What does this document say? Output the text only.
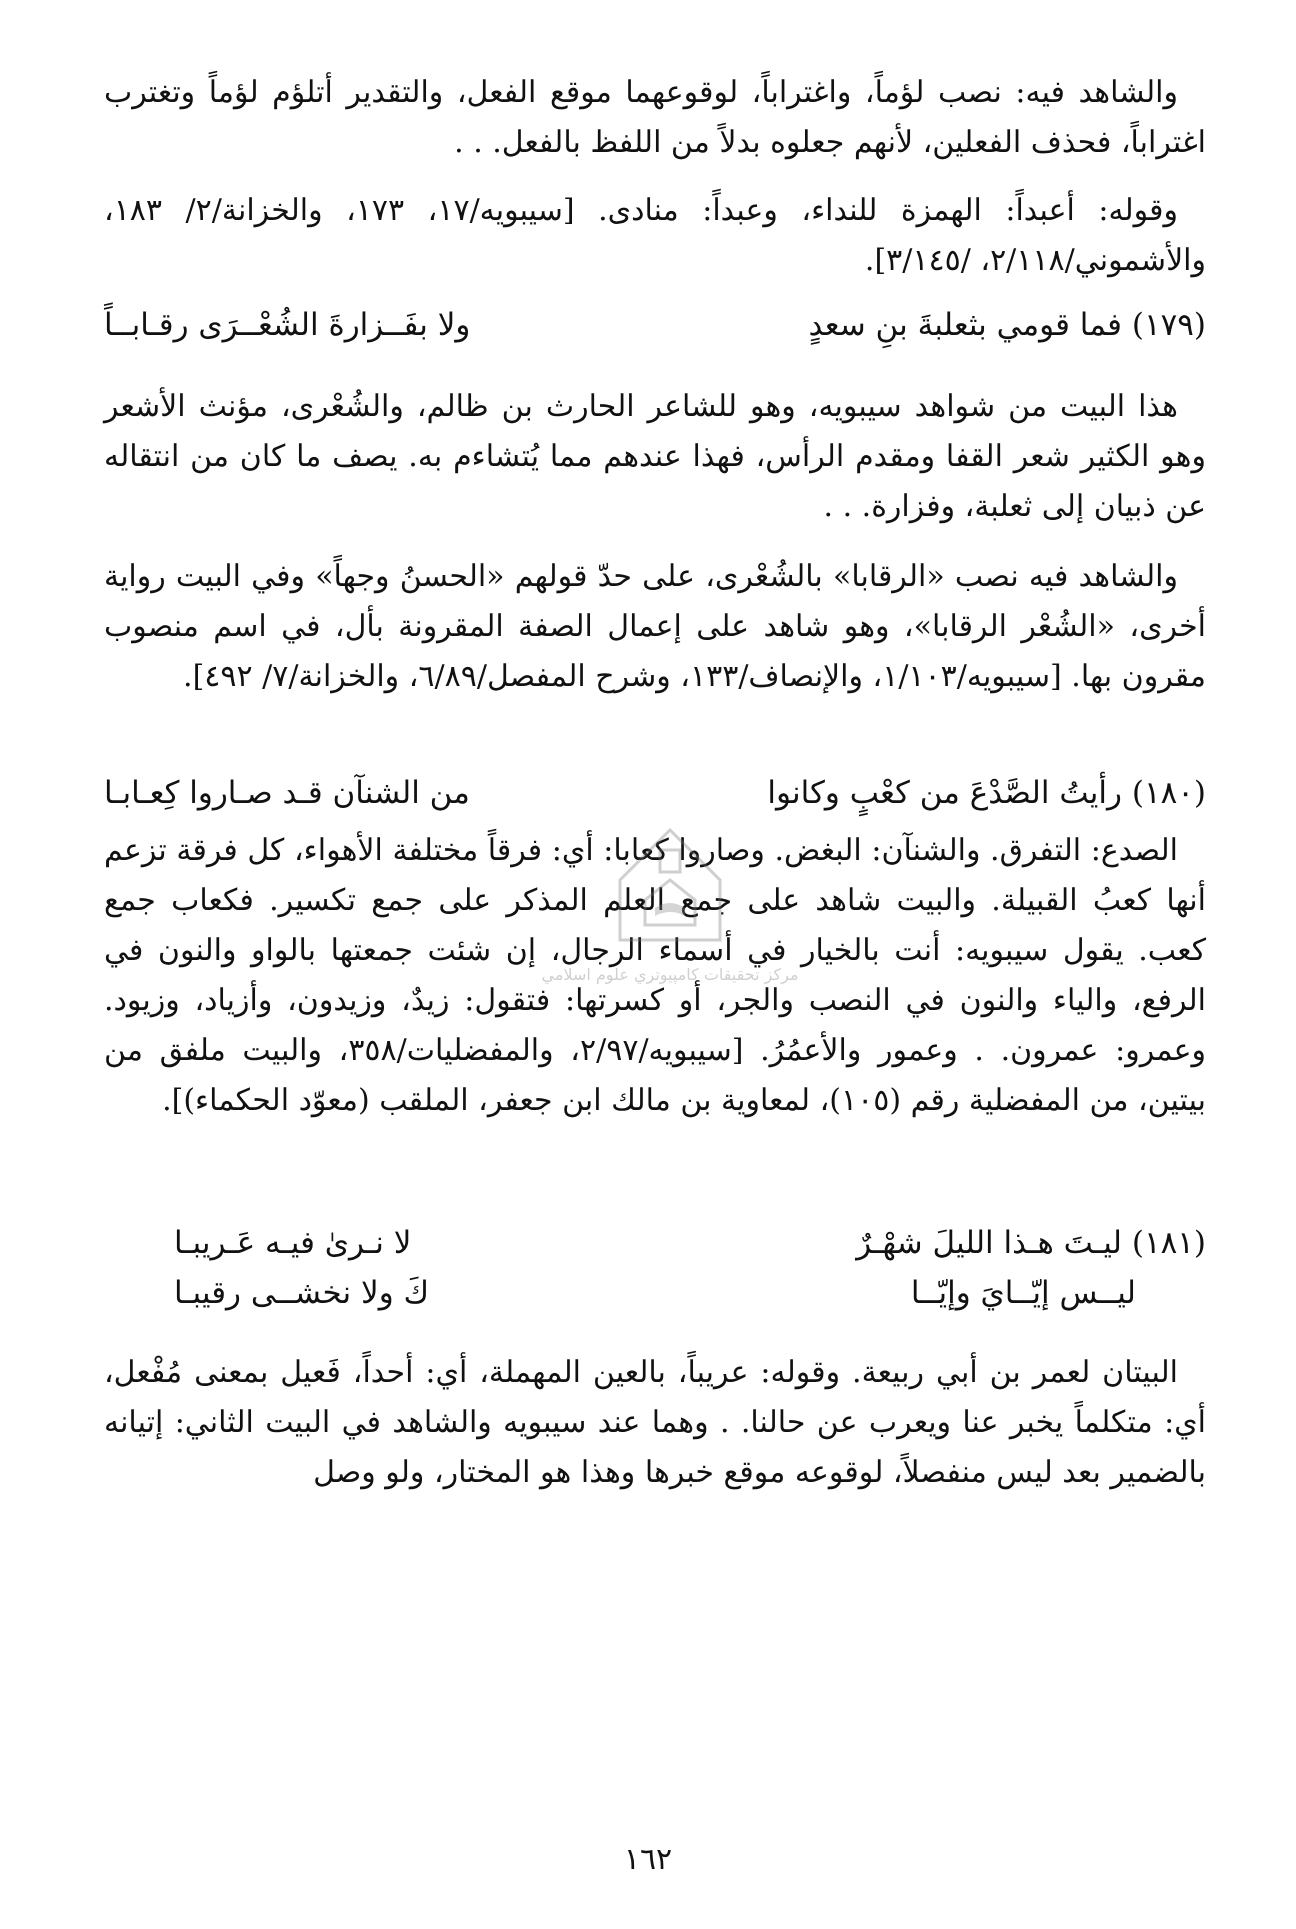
والشاهد فيه: نصب لؤماً، واغتراباً، لوقوعهما موقع الفعل، والتقدير أتلؤم لؤماً وتغترب اغتراباً، فحذف الفعلين، لأنهم جعلوه بدلاً من اللفظ بالفعل. . .

وقوله: أعبداً: الهمزة للنداء، وعبداً: منادى. [سيبويه/١٧، ١٧٣، والخزانة/٢/ ١٨٣، والأشموني/٢/١١٨، /٣/١٤٥].

(١٧٩) فما قومي بثعلبةَ بنِ سعدٍ
ولا بفَــزارةَ الشُعْــرَى رقـابــاً

هذا البيت من شواهد سيبويه، وهو للشاعر الحارث بن ظالم، والشُعْرى، مؤنث الأشعر وهو الكثير شعر القفا ومقدم الرأس، فهذا عندهم مما يُتشاءم به. يصف ما كان من انتقاله عن ذبيان إلى ثعلبة، وفزارة. . .

والشاهد فيه نصب «الرقابا» بالشُعْرى، على حدّ قولهم «الحسنُ وجهاً» وفي البيت رواية أخرى، «الشُعْر الرقابا»، وهو شاهد على إعمال الصفة المقرونة بأل، في اسم منصوب مقرون بها. [سيبويه/١/١٠٣، والإنصاف/١٣٣، وشرح المفصل/٦/٨٩، والخزانة/٧/ ٤٩٢].

(١٨٠) رأيتُ الصَّدْعَ من كعْبٍ وكانوا
من الشنآن قـد صـاروا كِعـابـا

الصدع: التفرق. والشنآن: البغض. وصاروا كعابا: أي: فرقاً مختلفة الأهواء، كل فرقة تزعم أنها كعبُ القبيلة. والبيت شاهد على جمع العلم المذكر على جمع تكسير. فكعاب جمع كعب. يقول سيبويه: أنت بالخيار في أسماء الرجال، إن شئت جمعتها بالواو والنون في الرفع، والياء والنون في النصب والجر، أو كسرتها: فتقول: زيدٌ، وزيدون، وأزياد، وزيود. وعمرو: عمرون. . وعمور والأعمُرُ. [سيبويه/٢/٩٧، والمفضليات/٣٥٨، والبيت ملفق من بيتين، من المفضلية رقم (١٠٥)، لمعاوية بن مالك ابن جعفر، الملقب (معوّد الحكماء)].

(١٨١) ليـتَ هـذا الليلَ شهْـرٌ
لا نـرىٰ فيـه عَـريبـا
ليــس إيّــايَ وإيّــا
كَ ولا نخشــى رقيبـا

البيتان لعمر بن أبي ربيعة. وقوله: عريباً، بالعين المهملة، أي: أحداً، فَعيل بمعنى مُفْعل، أي: متكلماً يخبر عنا ويعرب عن حالنا. . وهما عند سيبويه والشاهد في البيت الثاني: إتيانه بالضمير بعد ليس منفصلاً، لوقوعه موقع خبرها وهذا هو المختار، ولو وصل

مركز تحقيقات كامپيوتري علوم اسلامي
١٦٢
